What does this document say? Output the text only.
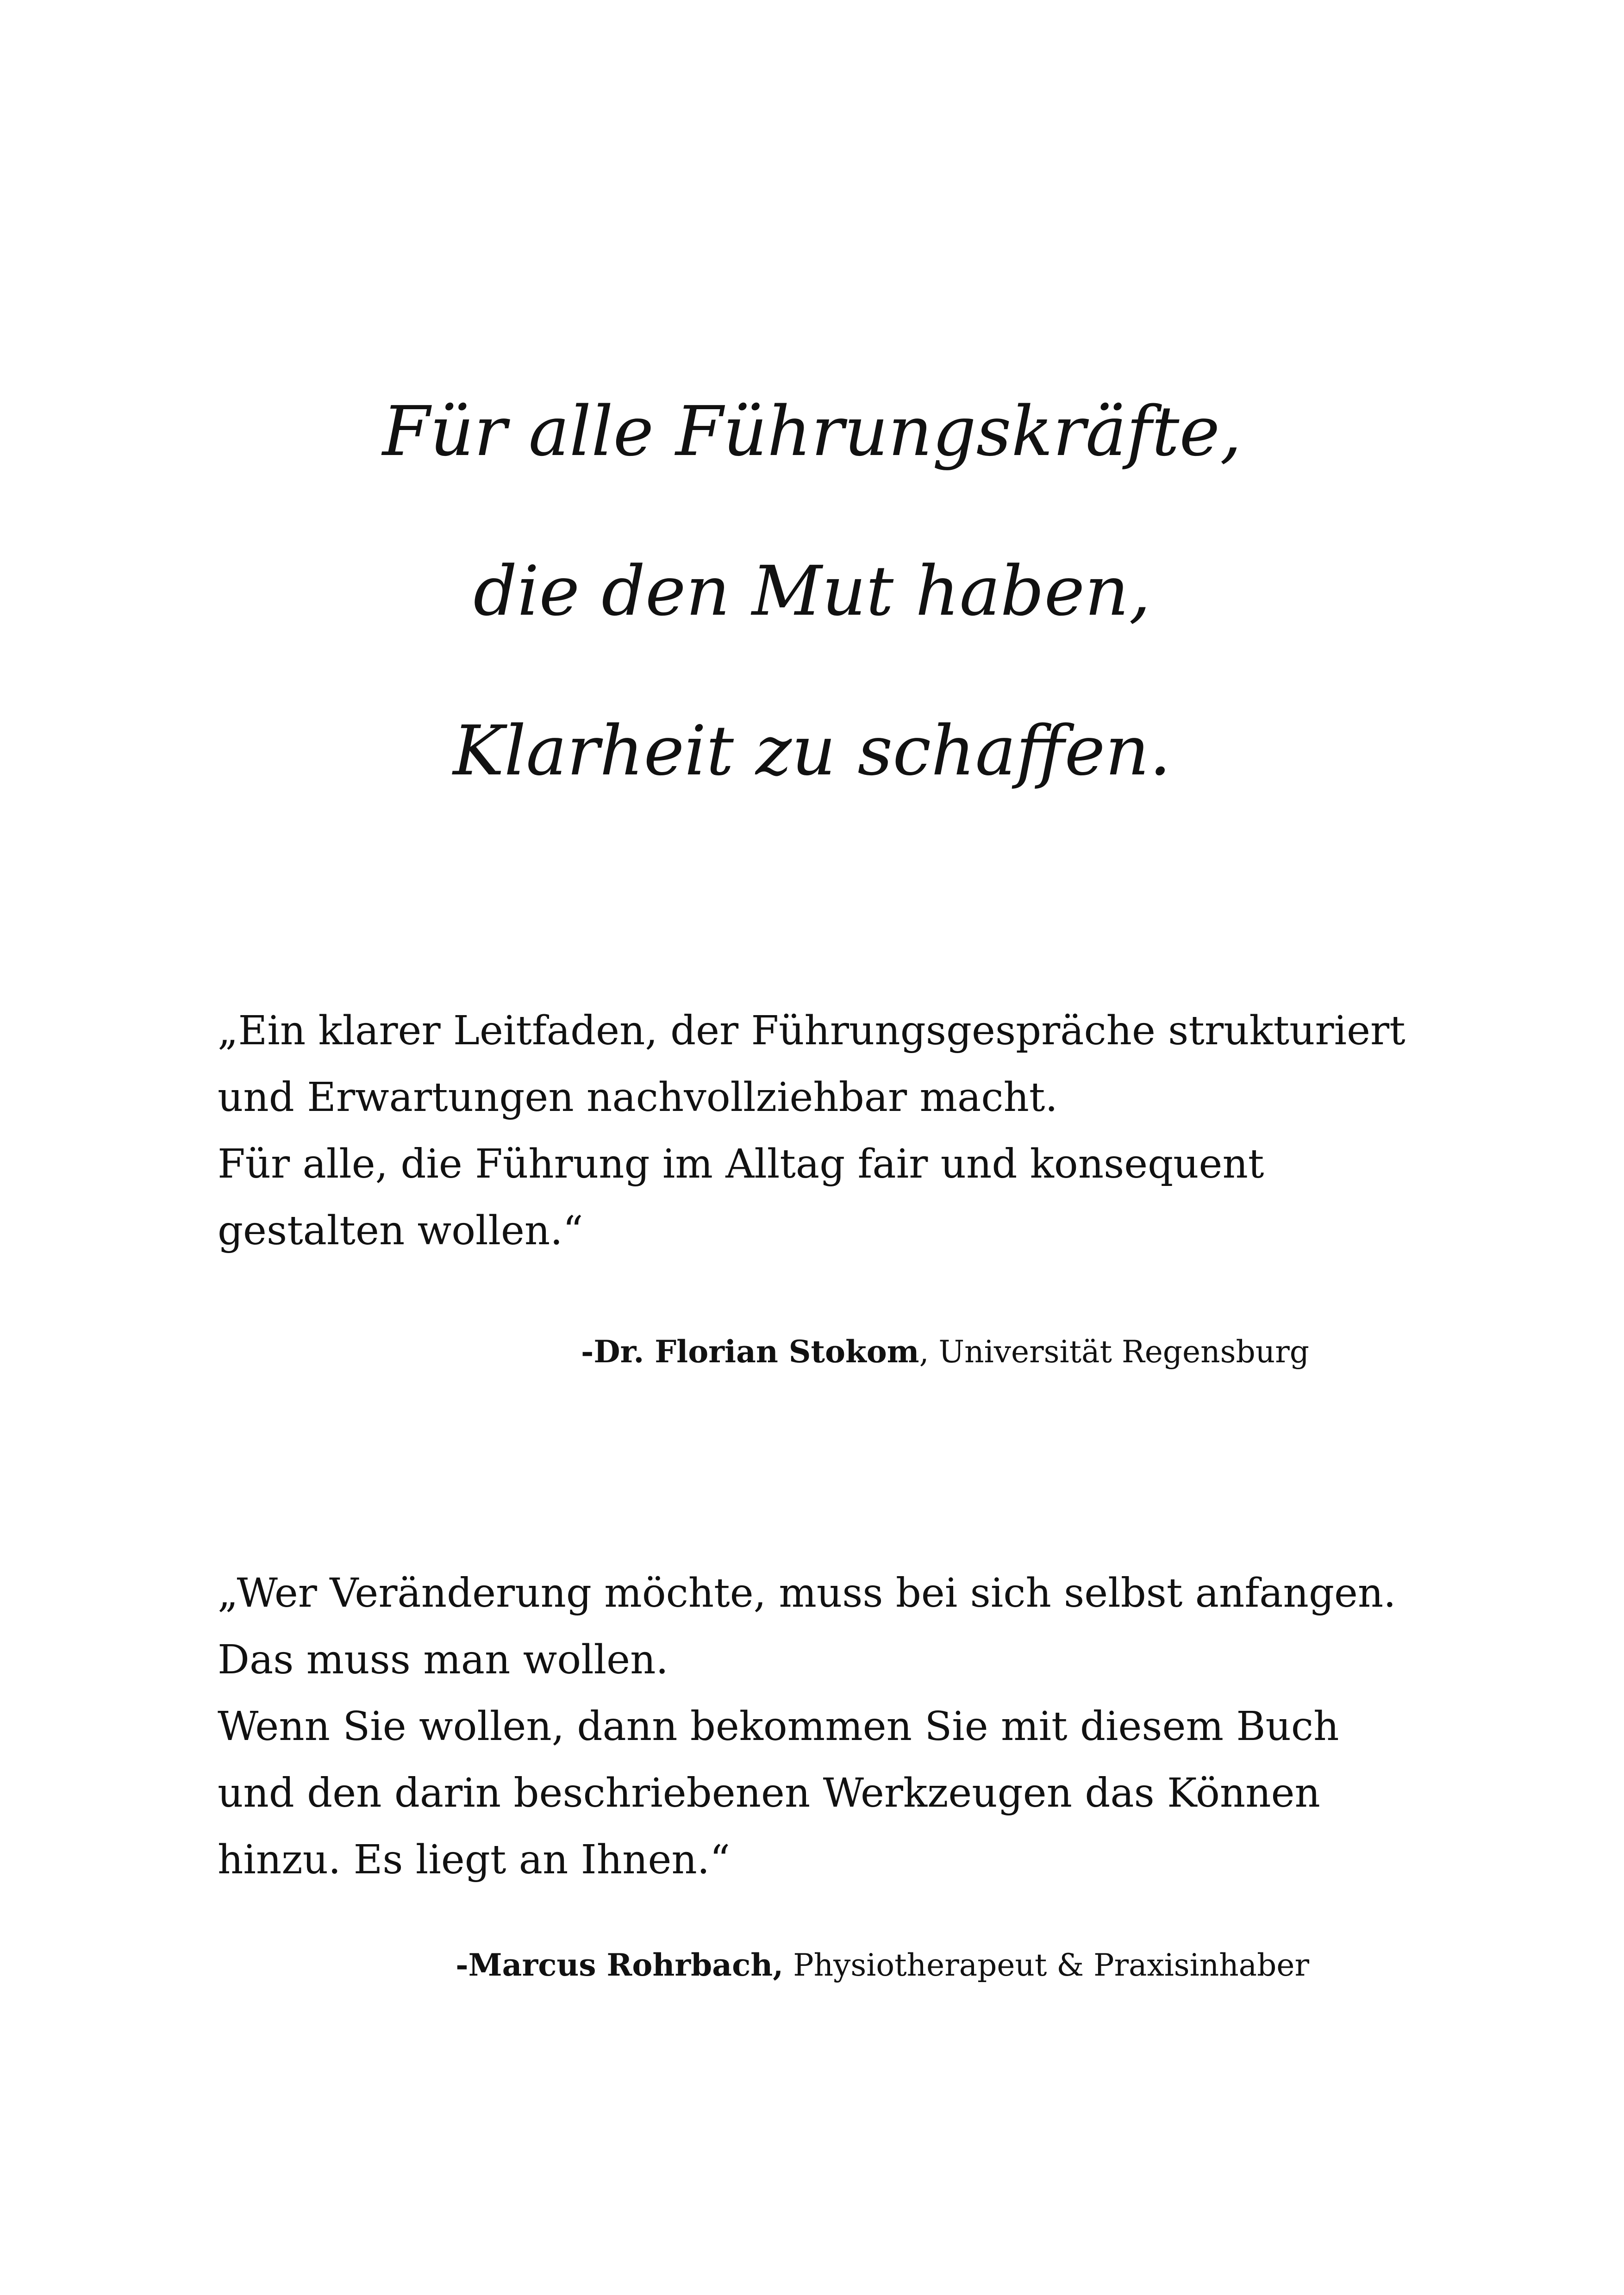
Für alle Führungskräfte,
die den Mut haben,
Klarheit zu schaffen.
„Ein klarer Leitfaden, der Führungsgespräche strukturiert
und Erwartungen nachvollziehbar macht.
Für alle, die Führung im Alltag fair und konsequent
gestalten wollen.“
-Dr. Florian Stokom, Universität Regensburg
„Wer Veränderung möchte, muss bei sich selbst anfangen.
Das muss man wollen.
Wenn Sie wollen, dann bekommen Sie mit diesem Buch
und den darin beschriebenen Werkzeugen das Können
hinzu. Es liegt an Ihnen.“
-Marcus Rohrbach, Physiotherapeut & Praxisinhaber
